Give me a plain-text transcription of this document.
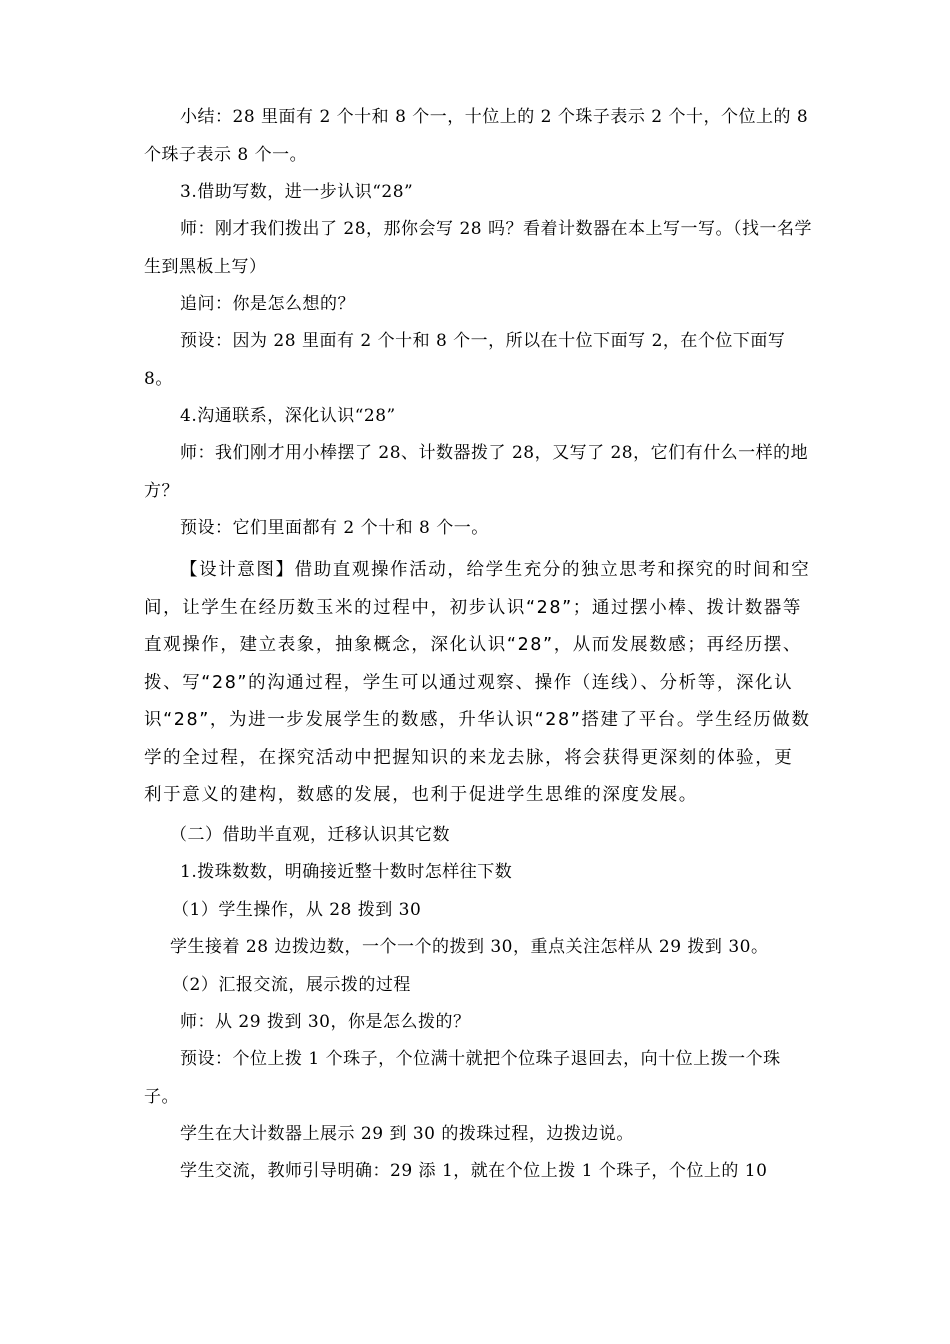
小结：28 里面有 2 个十和 8 个一，十位上的 2 个珠子表示 2 个十，个位上的 8 个珠子表示 8 个一。
3.借助写数，进一步认识“28”
师：刚才我们拨出了 28，那你会写 28 吗？看着计数器在本上写一写。（找一名学生到黑板上写）
追问：你是怎么想的？
预设：因为 28 里面有 2 个十和 8 个一，所以在十位下面写 2，在个位下面写 8。
4.沟通联系，深化认识“28”
师：我们刚才用小棒摆了 28、计数器拨了 28，又写了 28，它们有什么一样的地方？
预设：它们里面都有 2 个十和 8 个一。
【设计意图】借助直观操作活动，给学生充分的独立思考和探究的时间和空间，让学生在经历数玉米的过程中，初步认识“28”；通过摆小棒、拨计数器等直观操作，建立表象，抽象概念，深化认识“28”，从而发展数感；再经历摆、拨、写“28”的沟通过程，学生可以通过观察、操作（连线）、分析等，深化认识“28”，为进一步发展学生的数感，升华认识“28”搭建了平台。学生经历做数学的全过程，在探究活动中把握知识的来龙去脉，将会获得更深刻的体验，更利于意义的建构，数感的发展，也利于促进学生思维的深度发展。
（二）借助半直观，迁移认识其它数
1.拨珠数数，明确接近整十数时怎样往下数
（1）学生操作，从 28 拨到 30
学生接着 28 边拨边数，一个一个的拨到 30，重点关注怎样从 29 拨到 30。
（2）汇报交流，展示拨的过程
师：从 29 拨到 30，你是怎么拨的？
预设：个位上拨 1 个珠子，个位满十就把个位珠子退回去，向十位上拨一个珠子。
学生在大计数器上展示 29 到 30 的拨珠过程，边拨边说。
学生交流，教师引导明确：29 添 1，就在个位上拨 1 个珠子，个位上的 10
